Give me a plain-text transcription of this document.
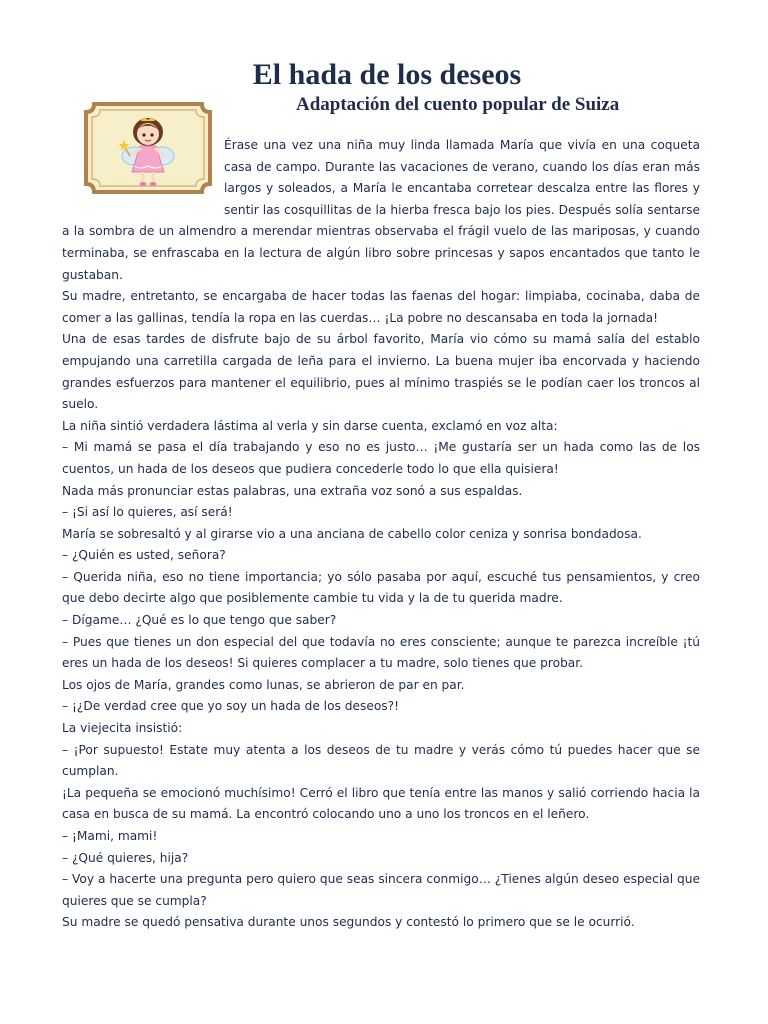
El hada de los deseos
Adaptación del cuento popular de Suiza

Érase una vez una niña muy linda llamada María que vivía en una coqueta casa de campo. Durante las vacaciones de verano, cuando los días eran más largos y soleados, a María le encantaba corretear descalza entre las flores y sentir las cosquillitas de la hierba fresca bajo los pies. Después solía sentarse a la sombra de un almendro a merendar mientras observaba el frágil vuelo de las mariposas, y cuando terminaba, se enfrascaba en la lectura de algún libro sobre princesas y sapos encantados que tanto le gustaban.

Su madre, entretanto, se encargaba de hacer todas las faenas del hogar: limpiaba, cocinaba, daba de comer a las gallinas, tendía la ropa en las cuerdas… ¡La pobre no descansaba en toda la jornada!

Una de esas tardes de disfrute bajo de su árbol favorito, María vio cómo su mamá salía del establo empujando una carretilla cargada de leña para el invierno. La buena mujer iba encorvada y haciendo grandes esfuerzos para mantener el equilibrio, pues al mínimo traspiés se le podían caer los troncos al suelo.

La niña sintió verdadera lástima al verla y sin darse cuenta, exclamó en voz alta:

– Mi mamá se pasa el día trabajando y eso no es justo… ¡Me gustaría ser un hada como las de los cuentos, un hada de los deseos que pudiera concederle todo lo que ella quisiera!

Nada más pronunciar estas palabras, una extraña voz sonó a sus espaldas.

– ¡Si así lo quieres, así será!

María se sobresaltó y al girarse vio a una anciana de cabello color ceniza y sonrisa bondadosa.

– ¿Quién es usted, señora?

– Querida niña, eso no tiene importancia; yo sólo pasaba por aquí, escuché tus pensamientos, y creo que debo decirte algo que posiblemente cambie tu vida y la de tu querida madre.

– Dígame… ¿Qué es lo que tengo que saber?

– Pues que tienes un don especial del que todavía no eres consciente; aunque te parezca increíble ¡tú eres un hada de los deseos! Si quieres complacer a tu madre, solo tienes que probar.

Los ojos de María, grandes como lunas, se abrieron de par en par.

– ¡¿De verdad cree que yo soy un hada de los deseos?!

La viejecita insistió:

– ¡Por supuesto! Estate muy atenta a los deseos de tu madre y verás cómo tú puedes hacer que se cumplan.

¡La pequeña se emocionó muchísimo! Cerró el libro que tenía entre las manos y salió corriendo hacia la casa en busca de su mamá. La encontró colocando uno a uno los troncos en el leñero.

– ¡Mami, mami!

– ¿Qué quieres, hija?

– Voy a hacerte una pregunta pero quiero que seas sincera conmigo… ¿Tienes algún deseo especial que quieres que se cumpla?

Su madre se quedó pensativa durante unos segundos y contestó lo primero que se le ocurrió.
